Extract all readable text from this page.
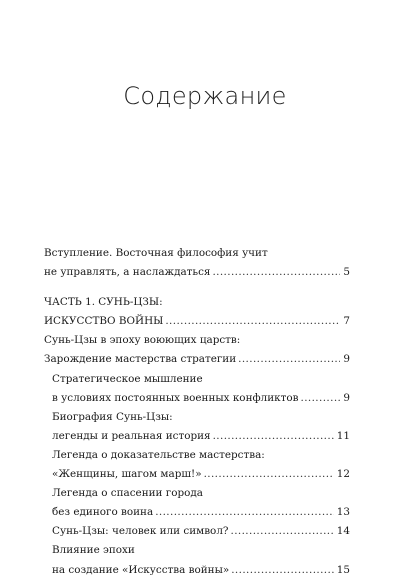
Содержание
Вступление. Восточная философия учит
не управлять, а наслаждаться .....	5
ЧАСТЬ 1. СУНЬ-ЦЗЫ:
ИСКУССТВО ВОЙНЫ .....	7
Сунь-Цзы в эпоху воюющих царств:
Зарождение мастерства стратегии .....	9
Стратегическое мышление
в условиях постоянных военных конфликтов .....	9
Биография Сунь-Цзы:
легенды и реальная история .....	11
Легенда о доказательстве мастерства:
«Женщины, шагом марш!» .....	12
Легенда о спасении города
без единого воина .....	13
Сунь-Цзы: человек или символ? .....	14
Влияние эпохи
на создание «Искусства войны» .....	15
